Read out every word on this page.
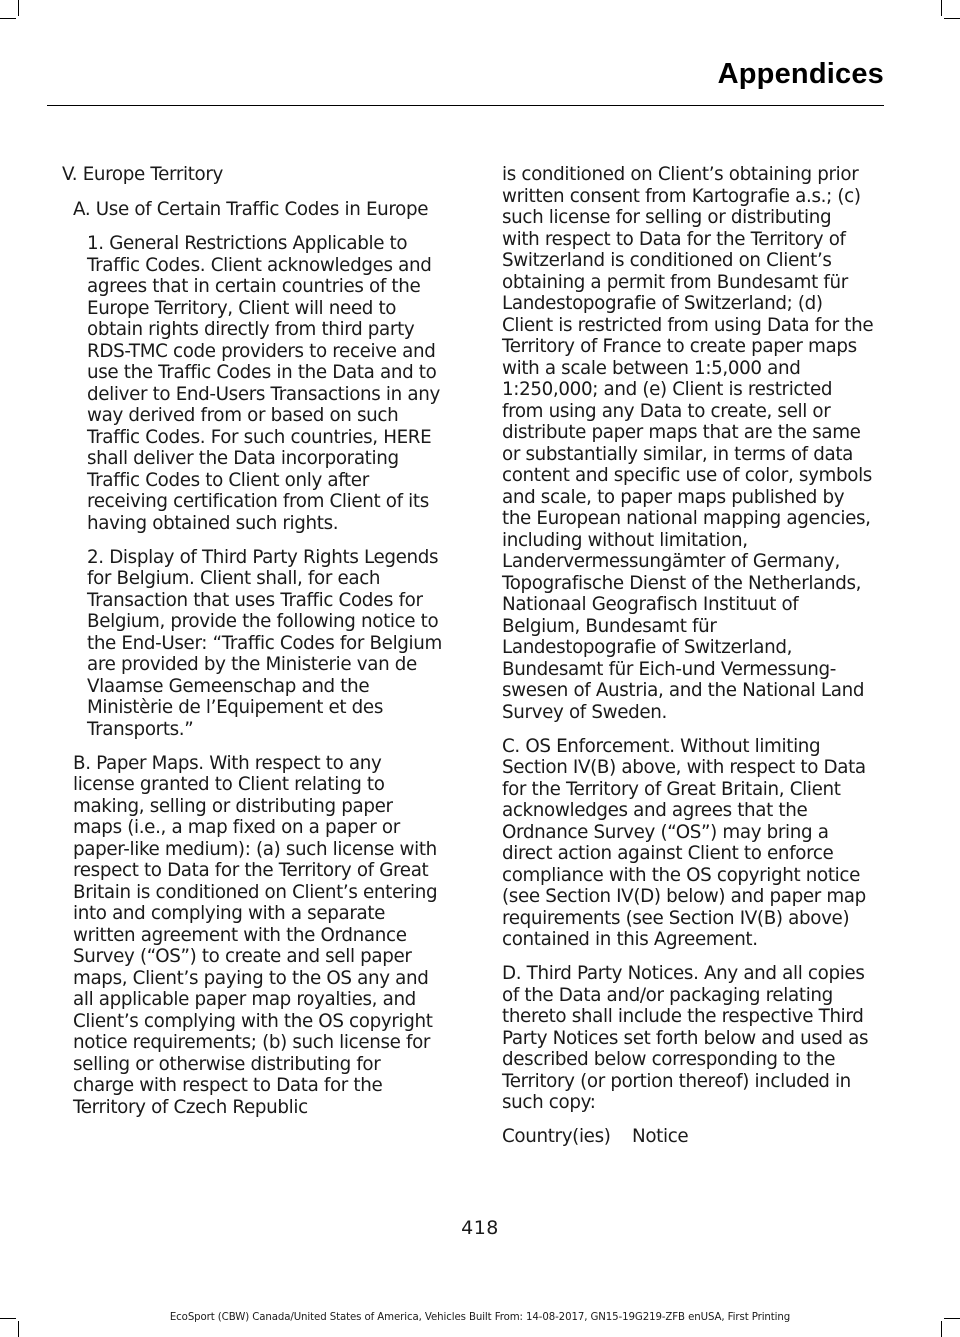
Appendices

V. Europe Territory

A. Use of Certain Traffic Codes in Europe

1. General Restrictions Applicable to Traffic Codes. Client acknowledges and agrees that in certain countries of the Europe Territory, Client will need to obtain rights directly from third party RDS-TMC code providers to receive and use the Traffic Codes in the Data and to deliver to End-Users Transactions in any way derived from or based on such Traffic Codes. For such countries, HERE shall deliver the Data incorporating Traffic Codes to Client only after receiving certification from Client of its having obtained such rights.

2. Display of Third Party Rights Legends for Belgium. Client shall, for each Transaction that uses Traffic Codes for Belgium, provide the following notice to the End-User: “Traffic Codes for Belgium are provided by the Ministerie van de Vlaamse Gemeenschap and the Ministèrie de l’Equipement et des Transports.”

B. Paper Maps. With respect to any license granted to Client relating to making, selling or distributing paper maps (i.e., a map fixed on a paper or paper-like medium): (a) such license with respect to Data for the Territory of Great Britain is conditioned on Client’s entering into and complying with a separate written agreement with the Ordnance Survey (“OS”) to create and sell paper maps, Client’s paying to the OS any and all applicable paper map royalties, and Client’s complying with the OS copyright notice requirements; (b) such license for selling or otherwise distributing for charge with respect to Data for the Territory of Czech Republic

is conditioned on Client’s obtaining prior written consent from Kartografie a.s.; (c) such license for selling or distributing with respect to Data for the Territory of Switzerland is conditioned on Client’s obtaining a permit from Bundesamt für Landestopografie of Switzerland; (d) Client is restricted from using Data for the Territory of France to create paper maps with a scale between 1:5,000 and 1:250,000; and (e) Client is restricted from using any Data to create, sell or distribute paper maps that are the same or substantially similar, in terms of data content and specific use of color, symbols and scale, to paper maps published by the European national mapping agencies, including without limitation, Landervermessungämter of Germany, Topografische Dienst of the Netherlands, Nationaal Geografisch Instituut of Belgium, Bundesamt für Landestopografie of Switzerland, Bundesamt für Eich-und Vermessung-swesen of Austria, and the National Land Survey of Sweden.

C. OS Enforcement. Without limiting Section IV(B) above, with respect to Data for the Territory of Great Britain, Client acknowledges and agrees that the Ordnance Survey (“OS”) may bring a direct action against Client to enforce compliance with the OS copyright notice (see Section IV(D) below) and paper map requirements (see Section IV(B) above) contained in this Agreement.

D. Third Party Notices. Any and all copies of the Data and/or packaging relating thereto shall include the respective Third Party Notices set forth below and used as described below corresponding to the Territory (or portion thereof) included in such copy:

Country(ies) Notice

418
EcoSport (CBW) Canada/United States of America, Vehicles Built From: 14-08-2017, GN15-19G219-ZFB enUSA, First Printing
